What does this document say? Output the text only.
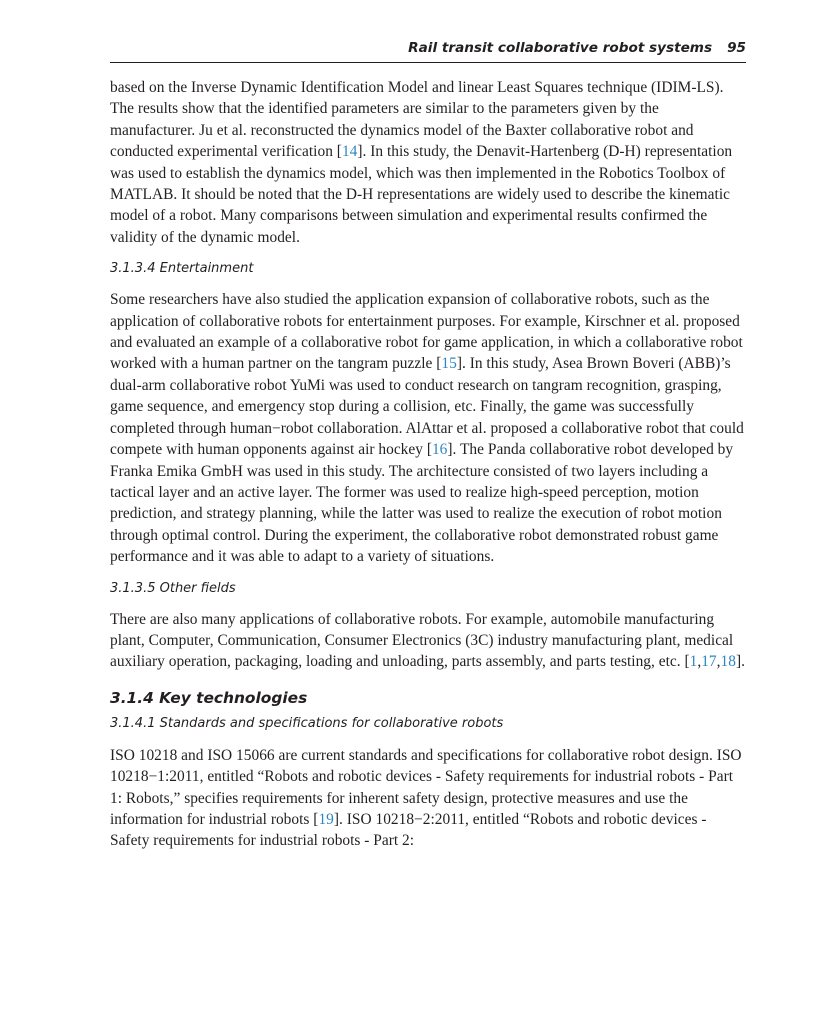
Rail transit collaborative robot systems 95

based on the Inverse Dynamic Identification Model and linear Least Squares technique (IDIM-LS). The results show that the identified parameters are similar to the parameters given by the manufacturer. Ju et al. reconstructed the dynamics model of the Baxter collaborative robot and conducted experimental verification [14]. In this study, the Denavit-Hartenberg (D-H) representation was used to establish the dynamics model, which was then implemented in the Robotics Toolbox of MATLAB. It should be noted that the D-H representations are widely used to describe the kinematic model of a robot. Many comparisons between simulation and experimental results confirmed the validity of the dynamic model.

3.1.3.4 Entertainment

Some researchers have also studied the application expansion of collaborative robots, such as the application of collaborative robots for entertainment purposes. For example, Kirschner et al. proposed and evaluated an example of a collaborative robot for game application, in which a collaborative robot worked with a human partner on the tangram puzzle [15]. In this study, Asea Brown Boveri (ABB)’s dual-arm collaborative robot YuMi was used to conduct research on tangram recognition, grasping, game sequence, and emergency stop during a collision, etc. Finally, the game was successfully completed through human−robot collaboration. AlAttar et al. proposed a collaborative robot that could compete with human opponents against air hockey [16]. The Panda collaborative robot developed by Franka Emika GmbH was used in this study. The architecture consisted of two layers including a tactical layer and an active layer. The former was used to realize high-speed perception, motion prediction, and strategy planning, while the latter was used to realize the execution of robot motion through optimal control. During the experiment, the collaborative robot demonstrated robust game performance and it was able to adapt to a variety of situations.

3.1.3.5 Other fields

There are also many applications of collaborative robots. For example, automobile manufacturing plant, Computer, Communication, Consumer Electronics (3C) industry manufacturing plant, medical auxiliary operation, packaging, loading and unloading, parts assembly, and parts testing, etc. [1,17,18].

3.1.4 Key technologies
3.1.4.1 Standards and specifications for collaborative robots

ISO 10218 and ISO 15066 are current standards and specifications for collaborative robot design. ISO 10218−1:2011, entitled “Robots and robotic devices - Safety requirements for industrial robots - Part 1: Robots,” specifies requirements for inherent safety design, protective measures and use the information for industrial robots [19]. ISO 10218−2:2011, entitled “Robots and robotic devices - Safety requirements for industrial robots - Part 2:
